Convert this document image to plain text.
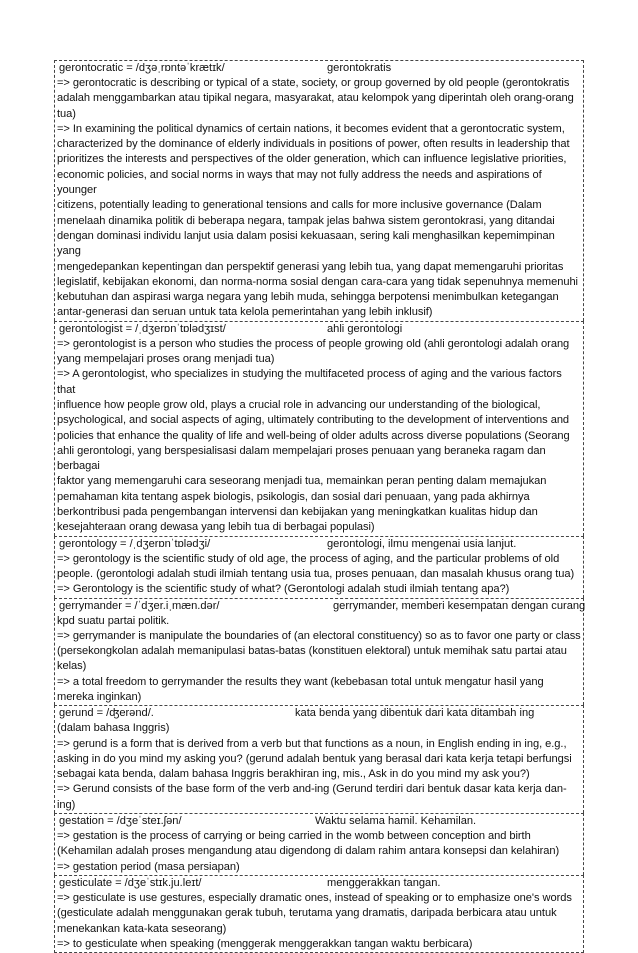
gerontocratic = /dʒəˌrɒntəˈkrætɪk/	gerontokratis
=> gerontocratic is describing or typical of a state, society, or group governed by old people (gerontokratis
adalah menggambarkan atau tipikal negara, masyarakat, atau kelompok yang diperintah oleh orang-orang
tua)
=> In examining the political dynamics of certain nations, it becomes evident that a gerontocratic system,
characterized by the dominance of elderly individuals in positions of power, often results in leadership that
prioritizes the interests and perspectives of the older generation, which can influence legislative priorities,
economic policies, and social norms in ways that may not fully address the needs and aspirations of younger
citizens, potentially leading to generational tensions and calls for more inclusive governance (Dalam
menelaah dinamika politik di beberapa negara, tampak jelas bahwa sistem gerontokrasi, yang ditandai
dengan dominasi individu lanjut usia dalam posisi kekuasaan, sering kali menghasilkan kepemimpinan yang
mengedepankan kepentingan dan perspektif generasi yang lebih tua, yang dapat memengaruhi prioritas
legislatif, kebijakan ekonomi, dan norma-norma sosial dengan cara-cara yang tidak sepenuhnya memenuhi
kebutuhan dan aspirasi warga negara yang lebih muda, sehingga berpotensi menimbulkan ketegangan
antar-generasi dan seruan untuk tata kelola pemerintahan yang lebih inklusif)
gerontologist = /ˌdʒerɒnˈtɒlədʒɪst/	ahli gerontologi
=> gerontologist is a person who studies the process of people growing old (ahli gerontologi adalah orang
yang mempelajari proses orang menjadi tua)
=> A gerontologist, who specializes in studying the multifaceted process of aging and the various factors that
influence how people grow old, plays a crucial role in advancing our understanding of the biological,
psychological, and social aspects of aging, ultimately contributing to the development of interventions and
policies that enhance the quality of life and well-being of older adults across diverse populations (Seorang
ahli gerontologi, yang berspesialisasi dalam mempelajari proses penuaan yang beraneka ragam dan berbagai
faktor yang memengaruhi cara seseorang menjadi tua, memainkan peran penting dalam memajukan
pemahaman kita tentang aspek biologis, psikologis, dan sosial dari penuaan, yang pada akhirnya
berkontribusi pada pengembangan intervensi dan kebijakan yang meningkatkan kualitas hidup dan
kesejahteraan orang dewasa yang lebih tua di berbagai populasi)
gerontology = /ˌdʒerɒnˈtɒlədʒi/	gerontologi, ilmu mengenai usia lanjut.
=> gerontology is the scientific study of old age, the process of aging, and the particular problems of old
people. (gerontologi adalah studi ilmiah tentang usia tua, proses penuaan, dan masalah khusus orang tua)
=> Gerontology is the scientific study of what? (Gerontologi adalah studi ilmiah tentang apa?)
gerrymander = /ˈdʒer.iˌmæn.dər/	gerrymander, memberi kesempatan dengan curang
kpd suatu partai politik.
=> gerrymander is manipulate the boundaries of (an electoral constituency) so as to favor one party or class
(persekongkolan adalah memanipulasi batas-batas (konstituen elektoral) untuk memihak satu partai atau
kelas)
=> a total freedom to gerrymander the results they want (kebebasan total untuk mengatur hasil yang
mereka inginkan)
gerund = /ʤerənd/.	kata benda yang dibentuk dari kata ditambah ing
(dalam bahasa Inggris)
=> gerund is a form that is derived from a verb but that functions as a noun, in English ending in ing, e.g.,
asking in do you mind my asking you? (gerund adalah bentuk yang berasal dari kata kerja tetapi berfungsi
sebagai kata benda, dalam bahasa Inggris berakhiran ing, mis., Ask in do you mind my ask you?)
=> Gerund consists of the base form of the verb and-ing (Gerund terdiri dari bentuk dasar kata kerja dan-ing)
gestation = /dʒeˈsteɪ.ʃən/	Waktu selama hamil. Kehamilan.
=> gestation is the process of carrying or being carried in the womb between conception and birth
(Kehamilan adalah proses mengandung atau digendong di dalam rahim antara konsepsi dan kelahiran)
=> gestation period (masa persiapan)
gesticulate = /dʒeˈstɪk.ju.leɪt/	menggerakkan tangan.
=> gesticulate is use gestures, especially dramatic ones, instead of speaking or to emphasize one's words
(gesticulate adalah menggunakan gerak tubuh, terutama yang dramatis, daripada berbicara atau untuk
menekankan kata-kata seseorang)
=> to gesticulate when speaking (menggerak menggerakkan tangan waktu berbicara)
